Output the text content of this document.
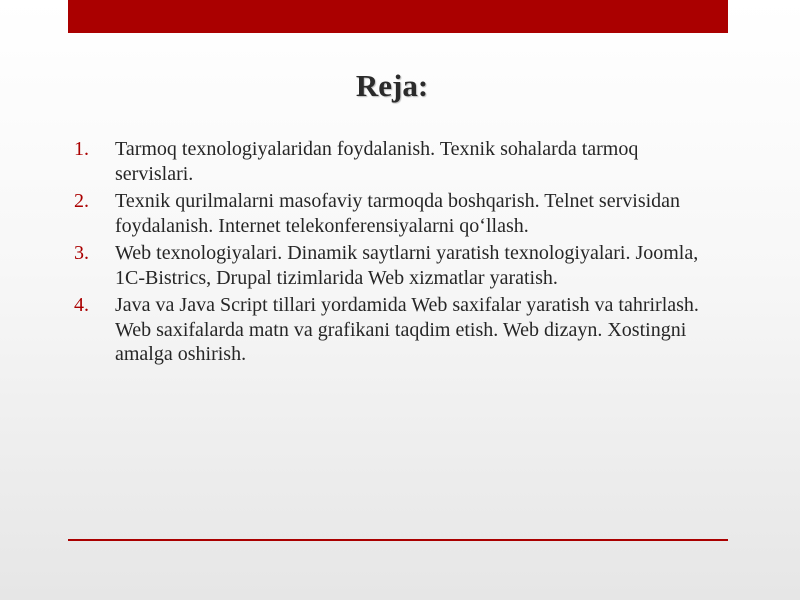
Reja:
1. Tarmoq texnologiyalaridan foydalanish. Texnik sohalarda tarmoq servislari.
2. Texnik qurilmalarni masofaviy tarmoqda boshqarish. Telnet servisidan foydalanish. Internet telekonferensiyalarni qo‘llash.
3. Web texnologiyalari. Dinamik saytlarni yaratish texnologiyalari. Joomla, 1C-Bistrics, Drupal tizimlarida Web xizmatlar yaratish.
4. Java va Java Script tillari yordamida Web saxifalar yaratish va tahrirlash. Web saxifalarda matn va grafikani taqdim etish. Web dizayn. Xostingni amalga oshirish.
